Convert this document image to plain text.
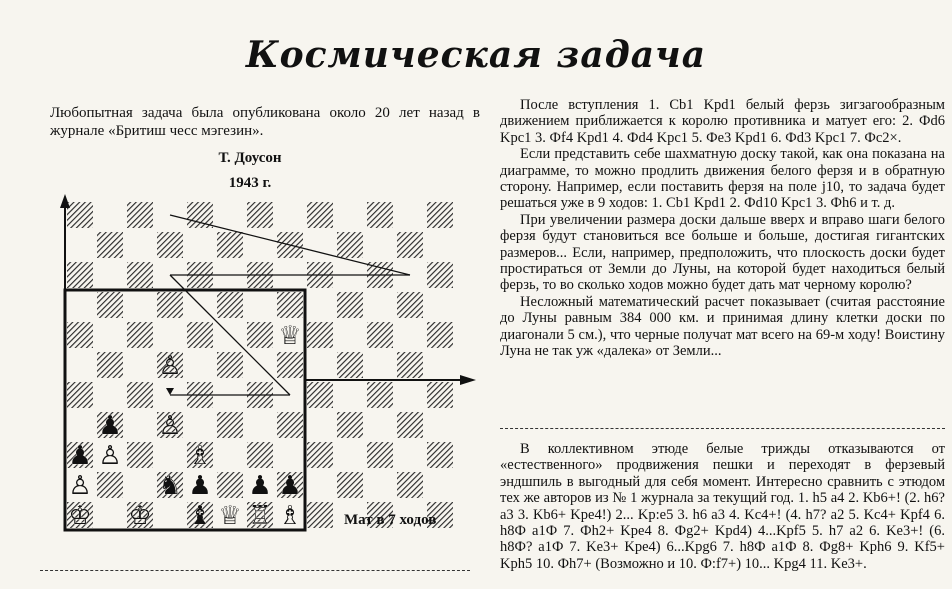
Космическая задача
Любопытная задача была опубликована около 20 лет назад в журнале «Бритиш чесс мэгезин».
Т. Доусон
1943 г.
♔ ♔ ♝ ♕ ♖ ♗
♙	♞ ♟ ♟ ♟
♟ ♙	♗
♟ ♙
♙
♕
Мат в 7 ходов

После вступления 1. Cb1 Kpd1 белый ферзь зигзагообразным движением приближается к королю противника и матует его: 2. Фd6 Kpc1 3. Фf4 Kpd1 4. Фd4 Kpc1 5. Фe3 Kpd1 6. Фd3 Kpc1 7. Фc2×.

Если представить себе шахматную доску такой, как она показана на диаграмме, то можно продлить движения белого ферзя и в обратную сторону. Например, если поставить ферзя на поле j10, то задача будет решаться уже в 9 ходов: 1. Cb1 Kpd1 2. Фd10 Kpc1 3. Фh6 и т. д.

При увеличении размера доски дальше вверх и вправо шаги белого ферзя будут становиться все больше и больше, достигая гигантских размеров... Если, например, предположить, что плоскость доски будет простираться от Земли до Луны, на которой будет находиться белый ферзь, то во сколько ходов можно будет дать мат черному королю?

Несложный математический расчет показывает (считая расстояние до Луны равным 384 000 км. и принимая длину клетки доски по диагонали 5 см.), что черные получат мат всего на 69-м ходу! Воистину Луна не так уж «далека» от Земли...

В коллективном этюде белые трижды отказываются от «естественного» продвижения пешки и переходят в ферзевый эндшпиль в выгодный для себя момент. Интересно сравнить с этюдом тех же авторов из № 1 журнала за текущий год. 1. h5 a4 2. Kb6+! (2. h6? a3 3. Kb6+ Kpe4!) 2... Kp:e5 3. h6 a3 4. Kc4+! (4. h7? a2 5. Kc4+ Kpf4 6. h8Ф a1Ф 7. Фh2+ Kpe4 8. Фg2+ Kpd4) 4...Kpf5 5. h7 a2 6. Ke3+! (6. h8Ф? a1Ф 7. Ke3+ Kpe4) 6...Kpg6 7. h8Ф a1Ф 8. Фg8+ Kph6 9. Kf5+ Kph5 10. Фh7+ (Возможно и 10. Ф:f7+) 10... Kpg4 11. Ke3+.
